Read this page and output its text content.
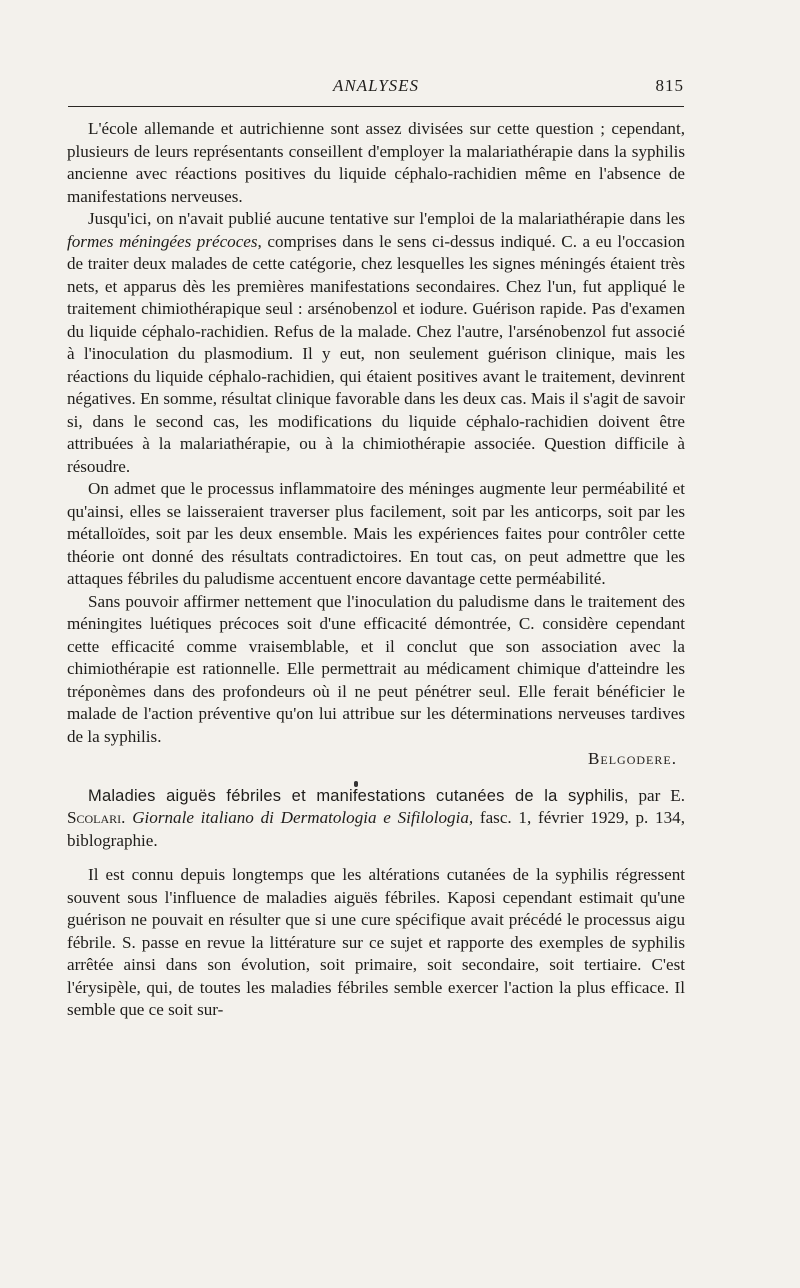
ANALYSES	815

L'école allemande et autrichienne sont assez divisées sur cette question ; cependant, plusieurs de leurs représentants conseillent d'employer la malariathérapie dans la syphilis ancienne avec réactions positives du liquide céphalo-rachidien même en l'absence de manifestations nerveuses.

Jusqu'ici, on n'avait publié aucune tentative sur l'emploi de la malariathérapie dans les formes méningées précoces, comprises dans le sens ci-dessus indiqué. C. a eu l'occasion de traiter deux malades de cette catégorie, chez lesquelles les signes méningés étaient très nets, et apparus dès les premières manifestations secondaires. Chez l'un, fut appliqué le traitement chimiothérapique seul : arsénobenzol et iodure. Guérison rapide. Pas d'examen du liquide céphalo-rachidien. Refus de la malade. Chez l'autre, l'arsénobenzol fut associé à l'inoculation du plasmodium. Il y eut, non seulement guérison clinique, mais les réactions du liquide céphalo-rachidien, qui étaient positives avant le traitement, devinrent négatives. En somme, résultat clinique favorable dans les deux cas. Mais il s'agit de savoir si, dans le second cas, les modifications du liquide céphalo-rachidien doivent être attribuées à la malariathérapie, ou à la chimiothérapie associée. Question difficile à résoudre.

On admet que le processus inflammatoire des méninges augmente leur perméabilité et qu'ainsi, elles se laisseraient traverser plus facilement, soit par les anticorps, soit par les métalloïdes, soit par les deux ensemble. Mais les expériences faites pour contrôler cette théorie ont donné des résultats contradictoires. En tout cas, on peut admettre que les attaques fébriles du paludisme accentuent encore davantage cette perméabilité.

Sans pouvoir affirmer nettement que l'inoculation du paludisme dans le traitement des méningites luétiques précoces soit d'une efficacité démontrée, C. considère cependant cette efficacité comme vraisemblable, et il conclut que son association avec la chimiothérapie est rationnelle. Elle permettrait au médicament chimique d'atteindre les tréponèmes dans des profondeurs où il ne peut pénétrer seul. Elle ferait bénéficier le malade de l'action préventive qu'on lui attribue sur les déterminations nerveuses tardives de la syphilis.

Belgodere.

Maladies aiguës fébriles et manifestations cutanées de la syphilis, par E. Scolari. Giornale italiano di Dermatologia e Sifilologia, fasc. 1, février 1929, p. 134, biblographie.

Il est connu depuis longtemps que les altérations cutanées de la syphilis régressent souvent sous l'influence de maladies aiguës fébriles. Kaposi cependant estimait qu'une guérison ne pouvait en résulter que si une cure spécifique avait précédé le processus aigu fébrile. S. passe en revue la littérature sur ce sujet et rapporte des exemples de syphilis arrêtée ainsi dans son évolution, soit primaire, soit secondaire, soit tertiaire. C'est l'érysipèle, qui, de toutes les maladies fébriles semble exercer l'action la plus efficace. Il semble que ce soit sur-
